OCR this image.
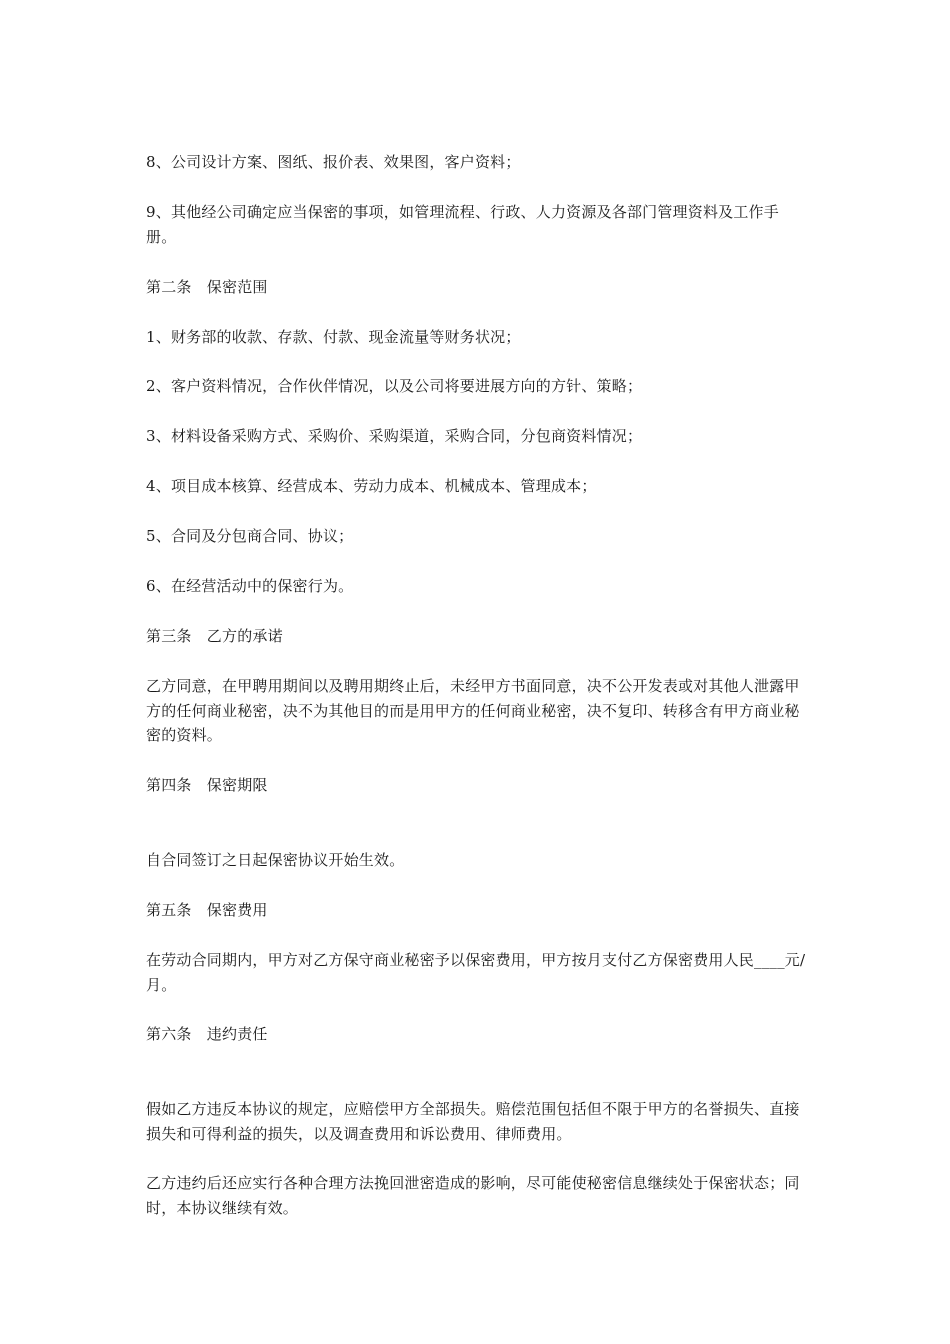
8、公司设计方案、图纸、报价表、效果图，客户资料；

9、其他经公司确定应当保密的事项，如管理流程、行政、人力资源及各部门管理资料及工作手册。

第二条　保密范围

1、财务部的收款、存款、付款、现金流量等财务状况；

2、客户资料情况，合作伙伴情况，以及公司将要进展方向的方针、策略；

3、材料设备采购方式、采购价、采购渠道，采购合同，分包商资料情况；

4、项目成本核算、经营成本、劳动力成本、机械成本、管理成本；

5、合同及分包商合同、协议；

6、在经营活动中的保密行为。

第三条　乙方的承诺

乙方同意，在甲聘用期间以及聘用期终止后，未经甲方书面同意，决不公开发表或对其他人泄露甲方的任何商业秘密，决不为其他目的而是用甲方的任何商业秘密，决不复印、转移含有甲方商业秘密的资料。

第四条　保密期限

自合同签订之日起保密协议开始生效。

第五条　保密费用

在劳动合同期内，甲方对乙方保守商业秘密予以保密费用，甲方按月支付乙方保密费用人民____元/月。

第六条　违约责任

假如乙方违反本协议的规定，应赔偿甲方全部损失。赔偿范围包括但不限于甲方的名誉损失、直接损失和可得利益的损失，以及调查费用和诉讼费用、律师费用。

乙方违约后还应实行各种合理方法挽回泄密造成的影响，尽可能使秘密信息继续处于保密状态；同时，本协议继续有效。
